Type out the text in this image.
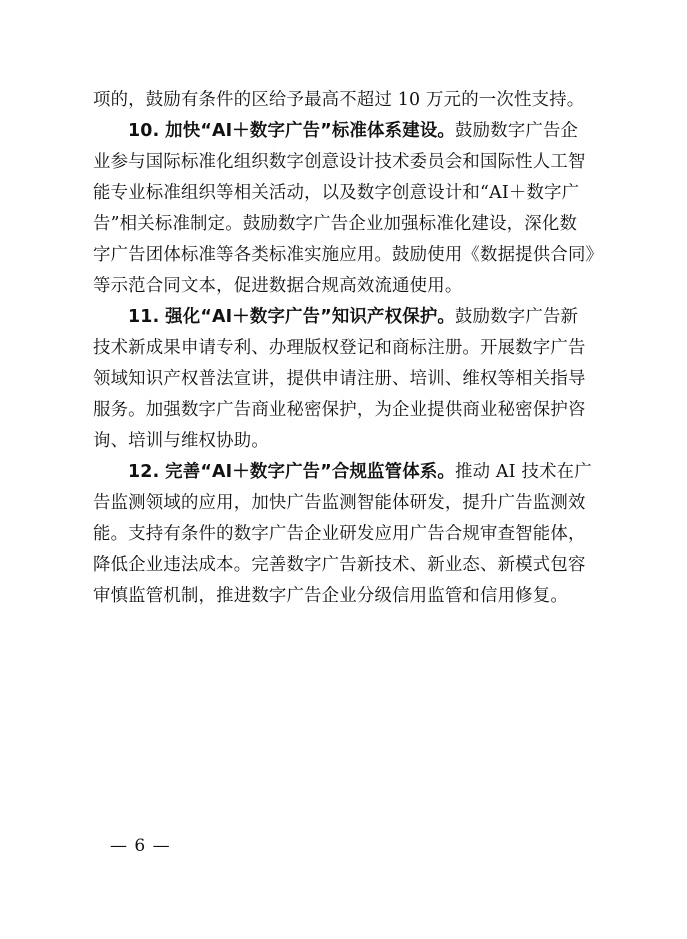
项的，鼓励有条件的区给予最高不超过 10 万元的一次性支持。

10. 加快“AI＋数字广告”标准体系建设。鼓励数字广告企
业参与国际标准化组织数字创意设计技术委员会和国际性人工智
能专业标准组织等相关活动，以及数字创意设计和“AI＋数字广
告”相关标准制定。鼓励数字广告企业加强标准化建设，深化数
字广告团体标准等各类标准实施应用。鼓励使用《数据提供合同》
等示范合同文本，促进数据合规高效流通使用。

11. 强化“AI＋数字广告”知识产权保护。鼓励数字广告新
技术新成果申请专利、办理版权登记和商标注册。开展数字广告
领域知识产权普法宣讲，提供申请注册、培训、维权等相关指导
服务。加强数字广告商业秘密保护，为企业提供商业秘密保护咨
询、培训与维权协助。

12. 完善“AI＋数字广告”合规监管体系。推动 AI 技术在广
告监测领域的应用，加快广告监测智能体研发，提升广告监测效
能。支持有条件的数字广告企业研发应用广告合规审查智能体，
降低企业违法成本。完善数字广告新技术、新业态、新模式包容
审慎监管机制，推进数字广告企业分级信用监管和信用修复。

— 6 —
